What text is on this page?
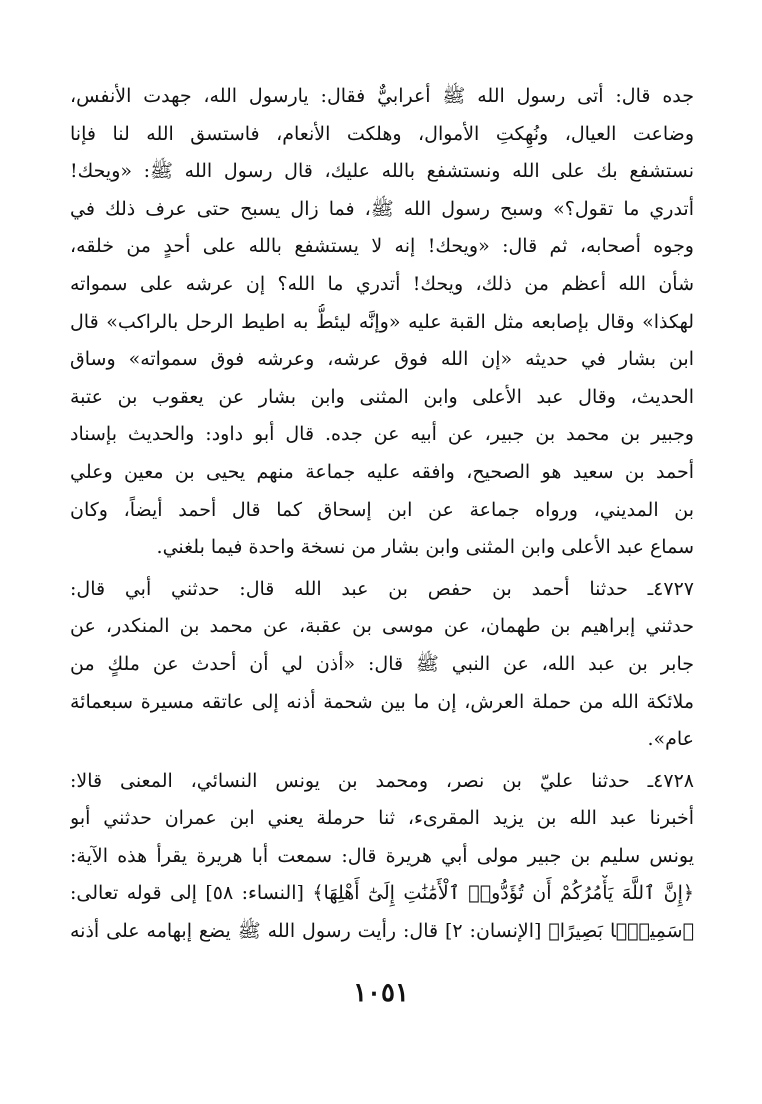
جده قال: أتى رسول الله ﷺ أعرابيٌّ فقال: يارسول الله، جهدت الأنفس،
وضاعت العيال، ونُهِكتِ الأموال، وهلكت الأنعام، فاستسق الله لنا فإنا
نستشفع بك على الله ونستشفع بالله عليك، قال رسول الله ﷺ: «ويحك!
أتدري ما تقول؟» وسبح رسول الله ﷺ، فما زال يسبح حتى عرف ذلك في
وجوه أصحابه، ثم قال: «ويحك! إنه لا يستشفع بالله على أحدٍ من خلقه،
شأن الله أعظم من ذلك، ويحك! أتدري ما الله؟ إن عرشه على سمواته
لهكذا» وقال بإصابعه مثل القبة عليه «وإنَّه ليئطُّ به اطيط الرحل بالراكب» قال
ابن بشار في حديثه «إن الله فوق عرشه، وعرشه فوق سمواته» وساق
الحديث، وقال عبد الأعلى وابن المثنى وابن بشار عن يعقوب بن عتبة
وجبير بن محمد بن جبير، عن أبيه عن جده. قال أبو داود: والحديث بإسناد
أحمد بن سعيد هو الصحيح، وافقه عليه جماعة منهم يحيى بن معين وعلي
بن المديني، ورواه جماعة عن ابن إسحاق كما قال أحمد أيضاً، وكان
سماع عبد الأعلى وابن المثنى وابن بشار من نسخة واحدة فيما بلغني.
٤٧٢٧ـ حدثنا أحمد بن حفص بن عبد الله قال: حدثني أبي قال:
حدثني إبراهيم بن طهمان، عن موسى بن عقبة، عن محمد بن المنكدر، عن
جابر بن عبد الله، عن النبي ﷺ قال: «أذن لي أن أحدث عن ملكٍ من
ملائكة الله من حملة العرش، إن ما بين شحمة أذنه إلى عاتقه مسيرة سبعمائة
عام».
٤٧٢٨ـ حدثنا عليّ بن نصر، ومحمد بن يونس النسائي، المعنى قالا:
أخبرنا عبد الله بن يزيد المقرىء، ثنا حرملة يعني ابن عمران حدثني أبو
يونس سليم بن جبير مولى أبي هريرة قال: سمعت أبا هريرة يقرأ هذه الآية:
﴿إِنَّ ٱللَّهَ يَأْمُرُكُمْ أَن تُؤَدُّوا۟ ٱلْأَمَٰنَٰتِ إِلَىٰٓ أَهْلِهَا﴾ [النساء: ٥٨] إلى قوله تعالى:
﴿سَمِيعًۢا بَصِيرًا﴾ [الإنسان: ٢] قال: رأيت رسول الله ﷺ يضع إبهامه على أذنه
١٠٥١
